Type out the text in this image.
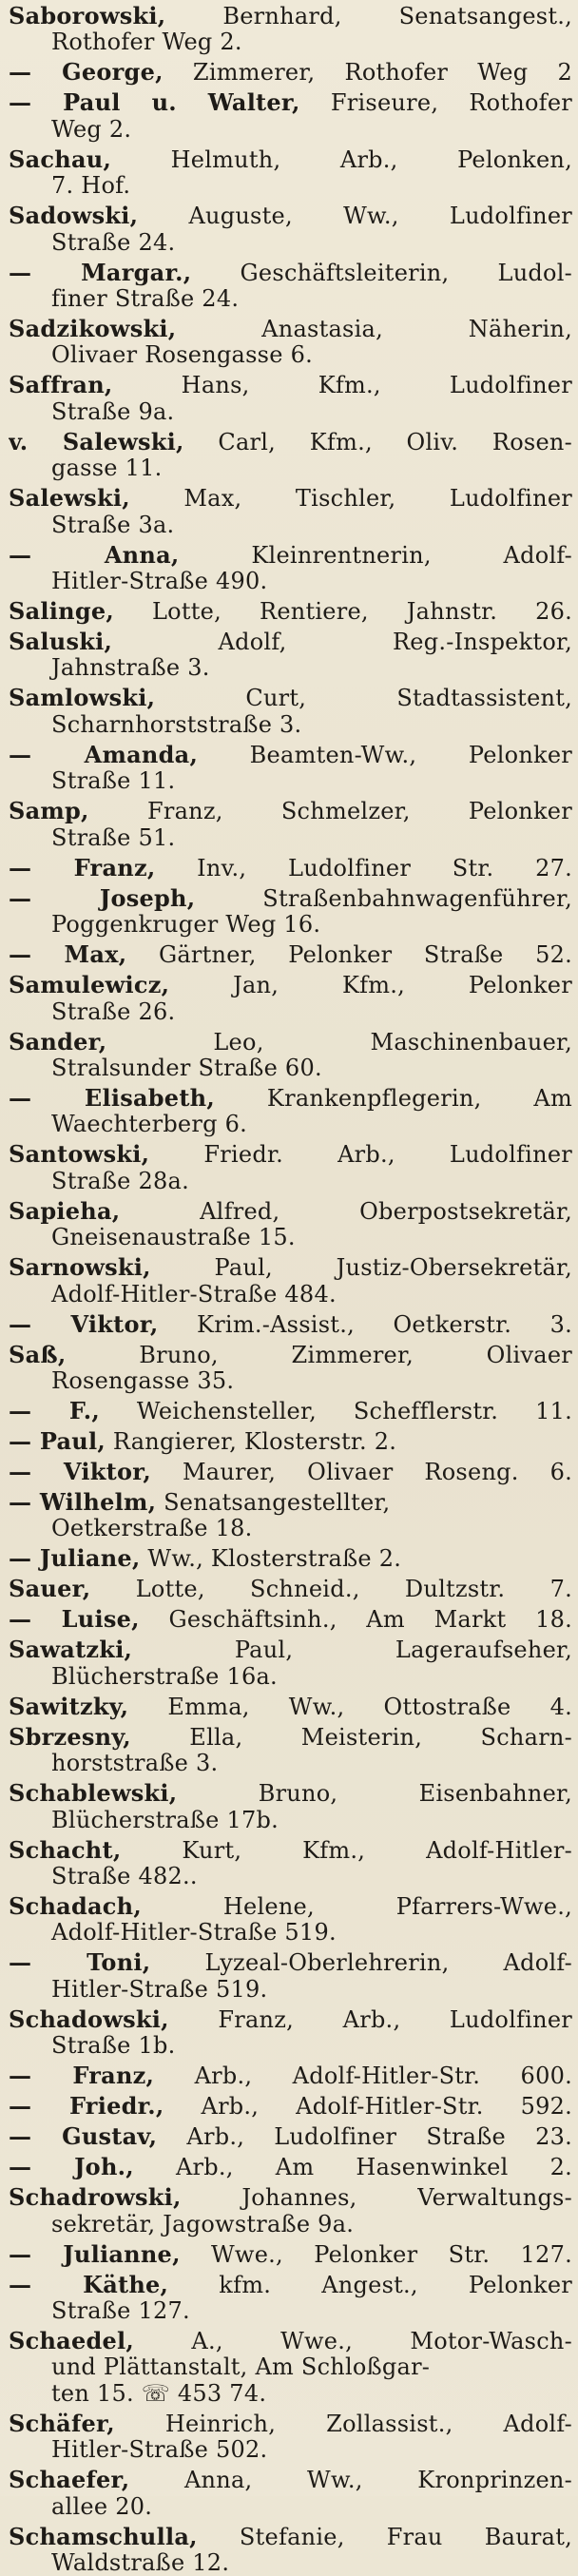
Saborowski, Bernhard, Senatsangest.,
Rothofer Weg 2.
— George, Zimmerer, Rothofer Weg 2
— Paul u. Walter, Friseure, Rothofer
Weg 2.
Sachau,	Helmuth, Arb., Pelonken,
7. Hof.
Sadowski, Auguste, Ww., Ludolfiner
Straße 24.
— Margar., Geschäftsleiterin, Ludol-
finer Straße 24.
Sadzikowski,	Anastasia, Näherin,
Olivaer Rosengasse 6.
Saffran,	Hans, Kfm., Ludolfiner
Straße 9a.
v. Salewski, Carl, Kfm., Oliv. Rosen-
gasse 11.
Salewski, Max, Tischler, Ludolfiner
Straße 3a.
— Anna,	Kleinrentnerin, Adolf-
Hitler-Straße 490.
Salinge, Lotte, Rentiere, Jahnstr. 26.
Saluski,	Adolf, Reg.-Inspektor,
Jahnstraße 3.
Samlowski,	Curt, Stadtassistent,
Scharnhorststraße 3.
— Amanda, Beamten-Ww., Pelonker
Straße 11.
Samp,	Franz, Schmelzer, Pelonker
Straße 51.
— Franz, Inv., Ludolfiner Str. 27.
— Joseph,	Straßenbahnwagenführer,
Poggenkruger Weg 16.
— Max, Gärtner, Pelonker Straße 52.
Samulewicz,	Jan, Kfm., Pelonker
Straße 26.
Sander,	Leo, Maschinenbauer,
Stralsunder Straße 60.
— Elisabeth, Krankenpflegerin, Am
Waechterberg 6.
Santowski, Friedr. Arb., Ludolfiner
Straße 28a.
Sapieha,	Alfred, Oberpostsekretär,
Gneisenaustraße 15.
Sarnowski,	Paul, Justiz-Obersekretär,
Adolf-Hitler-Straße 484.
— Viktor, Krim.-Assist., Oetkerstr. 3.
Saß,	Bruno, Zimmerer, Olivaer
Rosengasse 35.
— F., Weichensteller, Schefflerstr. 11.
— Paul, Rangierer, Klosterstr. 2.
— Viktor, Maurer, Olivaer Roseng. 6.
— Wilhelm, Senatsangestellter,
Oetkerstraße 18.
— Juliane, Ww., Klosterstraße 2.
Sauer, Lotte, Schneid., Dultzstr. 7.
— Luise, Geschäftsinh., Am Markt 18.
Sawatzki,	Paul, Lageraufseher,
Blücherstraße 16a.
Sawitzky, Emma, Ww., Ottostraße 4.
Sbrzesny,	Ella, Meisterin, Scharn-
horststraße 3.
Schablewski,	Bruno, Eisenbahner,
Blücherstraße 17b.
Schacht,	Kurt, Kfm., Adolf-Hitler-
Straße 482..
Schadach,	Helene, Pfarrers-Wwe.,
Adolf-Hitler-Straße 519.
— Toni, Lyzeal-Oberlehrerin, Adolf-
Hitler-Straße 519.
Schadowski, Franz, Arb., Ludolfiner
Straße 1b.
— Franz, Arb., Adolf-Hitler-Str. 600.
— Friedr., Arb., Adolf-Hitler-Str. 592.
— Gustav, Arb., Ludolfiner Straße 23.
— Joh., Arb., Am Hasenwinkel 2.
Schadrowski,	Johannes, Verwaltungs-
sekretär, Jagowstraße 9a.
— Julianne, Wwe., Pelonker Str. 127.
— Käthe, kfm. Angest., Pelonker
Straße 127.
Schaedel,	A., Wwe., Motor-Wasch-
und Plättanstalt, Am Schloßgar-
ten 15. ☏ 453 74.
Schäfer, Heinrich, Zollassist., Adolf-
Hitler-Straße 502.
Schaefer, Anna, Ww., Kronprinzen-
allee 20.
Schamschulla, Stefanie, Frau Baurat,
Waldstraße 12.
